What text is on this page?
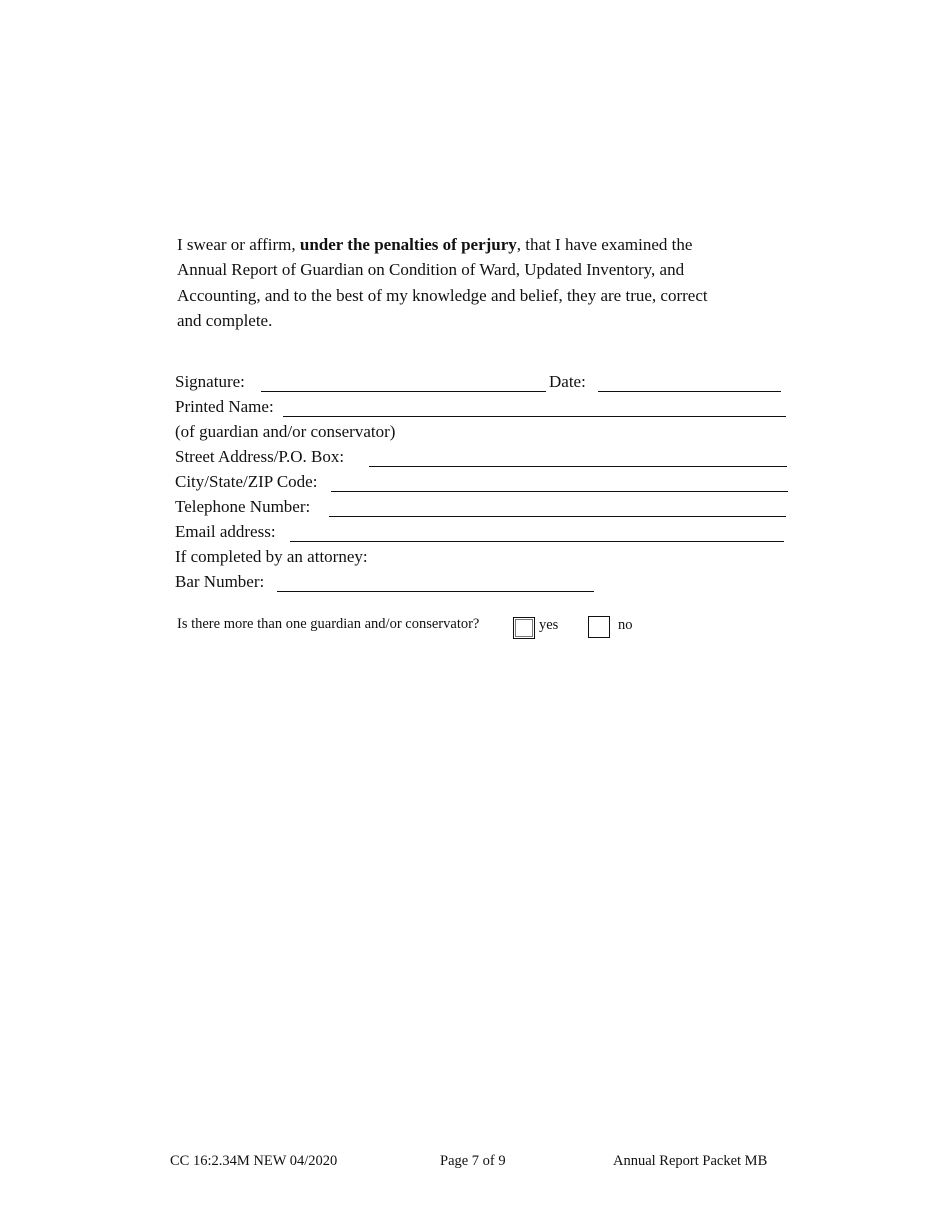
I swear or affirm, under the penalties of perjury, that I have examined the
Annual Report of Guardian on Condition of Ward, Updated Inventory, and
Accounting, and to the best of my knowledge and belief, they are true, correct
and complete.
Signature:	Date:
Printed Name:
(of guardian and/or conservator)
Street Address/P.O. Box:
City/State/ZIP Code:
Telephone Number:
Email address:
If completed by an attorney:
Bar Number:
Is there more than one guardian and/or conservator?	yes	no
CC 16:2.34M NEW 04/2020	Page 7 of 9	Annual Report Packet MB
